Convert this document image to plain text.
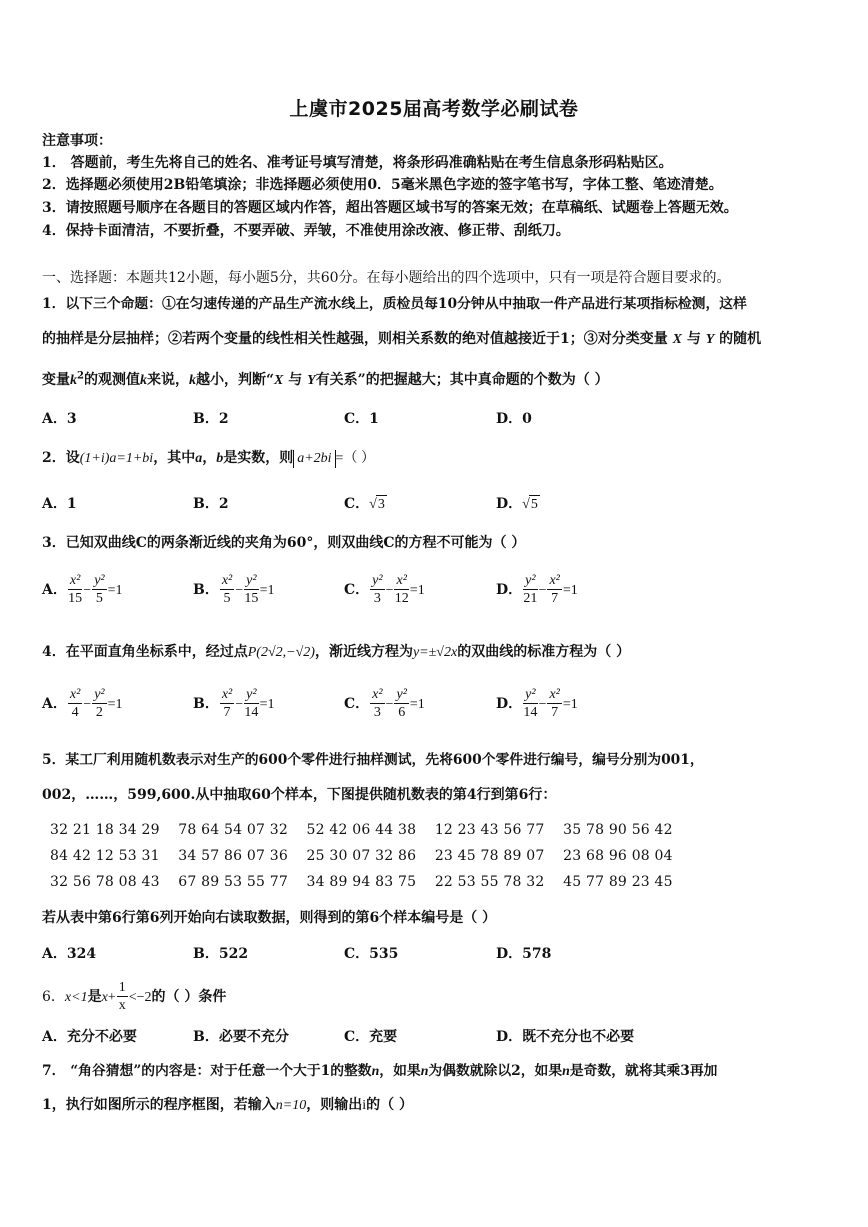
上虞市2025届高考数学必刷试卷
注意事项：
1． 答题前，考生先将自己的姓名、准考证号填写清楚，将条形码准确粘贴在考生信息条形码粘贴区。
2．选择题必须使用2B铅笔填涂；非选择题必须使用0．5毫米黑色字迹的签字笔书写，字体工整、笔迹清楚。
3．请按照题号顺序在各题目的答题区域内作答，超出答题区域书写的答案无效；在草稿纸、试题卷上答题无效。
4．保持卡面清洁，不要折叠，不要弄破、弄皱，不准使用涂改液、修正带、刮纸刀。
一、选择题：本题共12小题，每小题5分，共60分。在每小题给出的四个选项中，只有一项是符合题目要求的。
1．以下三个命题：①在匀速传递的产品生产流水线上，质检员每10分钟从中抽取一件产品进行某项指标检测，这样
的抽样是分层抽样；②若两个变量的线性相关性越强，则相关系数的绝对值越接近于1；③对分类变量 X 与 Y 的随机
变量$k^2$的观测值k来说，k越小，判断“X 与 Y有关系”的把握越大；其中真命题的个数为（ ）
A．3	B．2	C．1	D．0
2．设(1+i)a=1+bi，其中a，b是实数，则 a+2bi =（ ）
A．1	B．2	C．√3	D．√5
3．已知双曲线C的两条渐近线的夹角为60°，则双曲线C的方程不可能为（ ）
A． $\frac{\text{x²}}{15} - \frac{\text{y²}}{5} =1$	B． $\frac{\text{x²}}{5} - \frac{\text{y²}}{15} =1$	C． $\frac{\text{y²}}{3} - \frac{\text{x²}}{12} =1$	D． $\frac{\text{y²}}{21} - \frac{\text{x²}}{7} =1$
4．在平面直角坐标系中，经过点P(2√2,−√2)，渐近线方程为y=±√2x的双曲线的标准方程为（ ）
A． $\frac{\text{x²}}{4} - \frac{\text{y²}}{2} =1$	B． $\frac{\text{x²}}{7} - \frac{\text{y²}}{14} =1$	C． $\frac{\text{x²}}{3} - \frac{\text{y²}}{6} =1$	D． $\frac{\text{y²}}{14} - \frac{\text{x²}}{7} =1$
5．某工厂利用随机数表示对生产的600个零件进行抽样测试，先将600个零件进行编号，编号分别为001，
002，……，599,600.从中抽取60个样本，下图提供随机数表的第4行到第6行：
32 21 18 34 29    78 64 54 07 32    52 42 06 44 38    12 23 43 56 77    35 78 90 56 42
84 42 12 53 31    34 57 86 07 36    25 30 07 32 86    23 45 78 89 07    23 68 96 08 04
32 56 78 08 43    67 89 53 55 77    34 89 94 83 75    22 53 55 78 32    45 77 89 23 45
若从表中第6行第6列开始向右读取数据，则得到的第6个样本编号是（ ）
A．324	B．522	C．535	D．578
6．x<1是$x+ \frac{1}{x} <-2$的（ ）条件
A．充分不必要	B．必要不充分	C．充要	D．既不充分也不必要
7． “角谷猜想”的内容是：对于任意一个大于1的整数n，如果n为偶数就除以2，如果n是奇数，就将其乘3再加
1，执行如图所示的程序框图，若输入n=10，则输出i的（ ）
